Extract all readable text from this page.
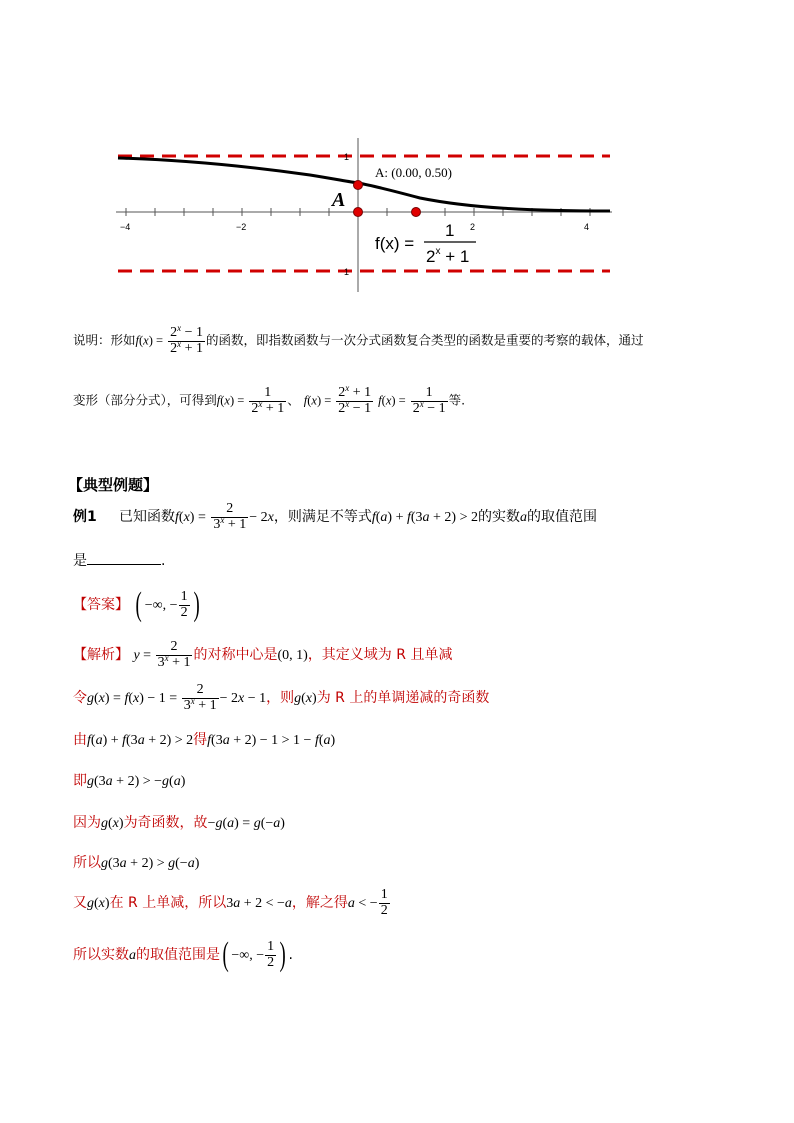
−4	−2	2	4
1
1
A: (0.00, 0.50)
A
f(x) =
1
$2^x + 1$
说明：形如$f(x) = \frac{2^x - 1}{2^x + 1}$ 的函数，即指数函数与一次分式函数复合类型的函数是重要的考察的载体，通过
变形（部分分式），可得到$f(x) = \frac{1}{2^x + 1}$ 、 $f(x) = \frac{2^x + 1}{2^x - 1} f(x) = \frac{1}{2^x - 1}$ 等.
【典型例题】
例1 已知函数$f(x) = \frac{2}{3^x + 1} - 2x$，则满足不等式f(a) + f(3a + 2) > 2的实数a的取值范围
是	.
【答案】 ( −∞, − $\frac{1}{2}$ )
【解析】 $y = \frac{2}{3^x + 1}$ 的对称中心是(0, 1)，其定义域为 R 且单减
令$g(x) = f(x) - 1 = \frac{2}{3^x + 1} - 2x - 1$，则g(x)为 R 上的单调递减的奇函数
由f(a) + f(3a + 2) > 2得f(3a + 2) − 1 > 1 − f(a)
即g(3a + 2) > −g(a)
因为g(x)为奇函数，故−g(a) = g(−a)
所以g(3a + 2) > g(−a)
又g(x)在 R 上单减，所以3a + 2 < −a，解之得a < − $\frac{1}{2}$
所以实数a的取值范围是( −∞, − $\frac{1}{2}$ ) .
